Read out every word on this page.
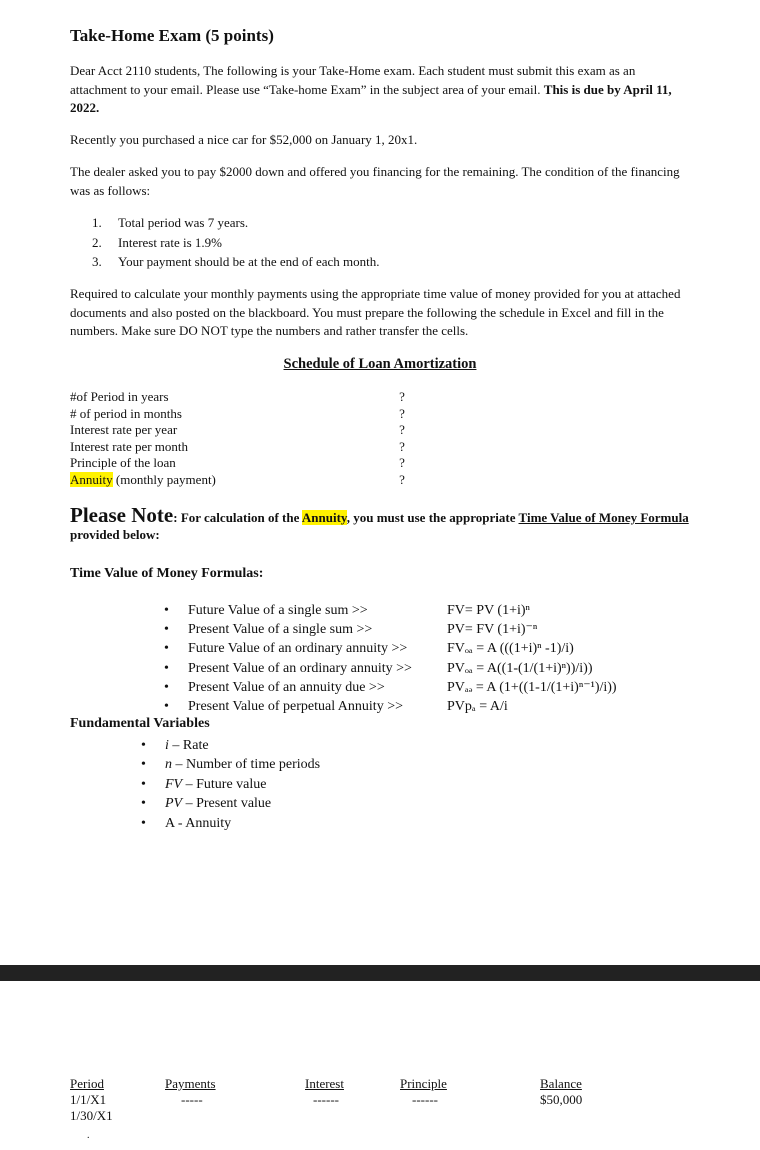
Take-Home Exam (5 points)
Dear Acct 2110 students, The following is your Take-Home exam. Each student must submit this exam as an attachment to your email. Please use “Take-home Exam” in the subject area of your email. This is due by April 11, 2022.
Recently you purchased a nice car for $52,000 on January 1, 20x1.
The dealer asked you to pay $2000 down and offered you financing for the remaining. The condition of the financing was as follows:
1. Total period was 7 years.
2. Interest rate is 1.9%
3. Your payment should be at the end of each month.
Required to calculate your monthly payments using the appropriate time value of money provided for you at attached documents and also posted on the blackboard. You must prepare the following the schedule in Excel and fill in the numbers. Make sure DO NOT type the numbers and rather transfer the cells.
Schedule of Loan Amortization
#of Period in years
# of period in months
Interest rate per year
Interest rate per month
Principle of the loan
Annuity (monthly payment)
?
?
?
?
?
?
Please Note: For calculation of the Annuity, you must use the appropriate Time Value of Money Formula provided below:
Time Value of Money Formulas:
• Future Value of a single sum >>
• Present Value of a single sum >>
• Future Value of an ordinary annuity >>
• Present Value of an ordinary annuity >>
• Present Value of an annuity due >>
• Present Value of perpetual Annuity >>
FV= PV (1+i)ⁿ
PV= FV (1+i)⁻ⁿ
FVₒₐ = A (((1+i)ⁿ -1)/i)
PVₒₐ = A((1-(1/(1+i)ⁿ))/i))
PVₐₔ = A (1+((1-1/(1+i)ⁿ⁻¹)/i))
PVpₐ = A/i
Fundamental Variables
• i – Rate
• n – Number of time periods
• FV – Future value
• PV – Present value
• A - Annuity
Period
1/1/X1
1/30/X1
Payments
-----
Interest
------
Principle
------
Balance
$50,000
.
